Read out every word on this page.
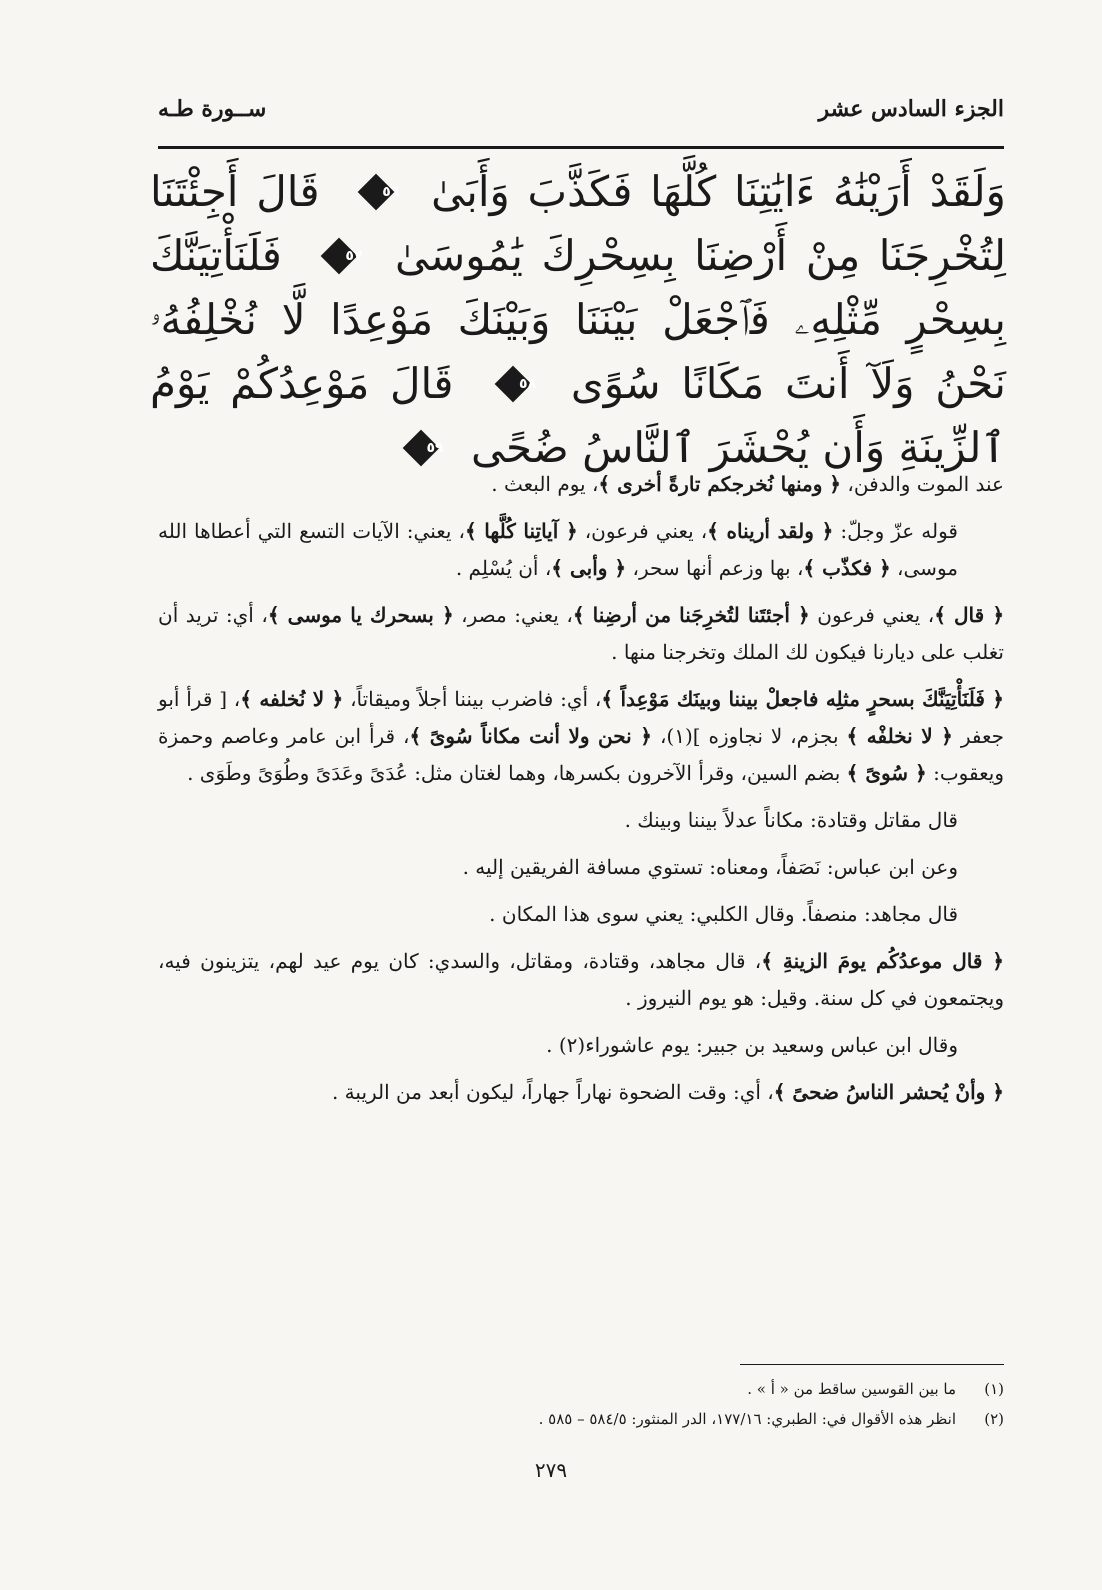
الجزء السادس عشر
ســورة طـه
وَلَقَدْ أَرَيْنَٰهُ ءَايَٰتِنَا كُلَّهَا فَكَذَّبَ وَأَبَىٰ
٥٦
قَالَ أَجِئْتَنَا لِتُخْرِجَنَا مِنْ أَرْضِنَا بِسِحْرِكَ يَٰمُوسَىٰ
٥٧
فَلَنَأْتِيَنَّكَ بِسِحْرٍ مِّثْلِهِۦ فَٱجْعَلْ بَيْنَنَا وَبَيْنَكَ مَوْعِدًا لَّا نُخْلِفُهُۥ نَحْنُ وَلَآ أَنتَ مَكَانًا سُوًى
٥٨
قَالَ مَوْعِدُكُمْ يَوْمُ ٱلزِّينَةِ وَأَن يُحْشَرَ ٱلنَّاسُ ضُحًى
٥٩

عند الموت والدفن، ﴿ ومنها نُخرجكم تارةً أخرى ﴾، يوم البعث .

قوله عزّ وجلّ: ﴿ ولقد أريناه ﴾، يعني فرعون، ﴿ آياتِنا كُلَّها ﴾، يعني: الآيات التسع التي أعطاها الله موسى، ﴿ فكذّب ﴾، بها وزعم أنها سحر، ﴿ وأبى ﴾، أن يُسْلِم .

﴿ قال ﴾، يعني فرعون ﴿ أجئتَنا لتُخرِجَنا من أرضِنا ﴾، يعني: مصر، ﴿ بسحرك يا موسى ﴾، أي: تريد أن تغلب على ديارنا فيكون لك الملك وتخرجنا منها .

﴿ فَلَنَأْتِيَنَّكَ بسحرٍ مثلِه فاجعلْ بيننا وبينَك مَوْعِداً ﴾، أي: فاضرب بيننا أجلاً وميقاتاً، ﴿ لا نُخلفه ﴾، [ قرأ أبو جعفر ﴿ لا نخلفْه ﴾ بجزم، لا نجاوزه ](١)، ﴿ نحن ولا أنت مكاناً سُوىً ﴾، قرأ ابن عامر وعاصم وحمزة ويعقوب: ﴿ سُوىً ﴾ بضم السين، وقرأ الآخرون بكسرها، وهما لغتان مثل: عُدَىً وعَدَىً وطُوَىً وطَوَى .

قال مقاتل وقتادة: مكاناً عدلاً بيننا وبينك .

وعن ابن عباس: نَصَفاً، ومعناه: تستوي مسافة الفريقين إليه .

قال مجاهد: منصفاً. وقال الكلبي: يعني سوى هذا المكان .

﴿ قال موعدُكُم يومَ الزينةِ ﴾، قال مجاهد، وقتادة، ومقاتل، والسدي: كان يوم عيد لهم، يتزينون فيه، ويجتمعون في كل سنة. وقيل: هو يوم النيروز .

وقال ابن عباس وسعيد بن جبير: يوم عاشوراء(٢) .

﴿ وأنْ يُحشر الناسُ ضحىً ﴾، أي: وقت الضحوة نهاراً جهاراً، ليكون أبعد من الريبة .

(١)
ما بين القوسين ساقط من « أ » .
(٢)
انظر هذه الأقوال في: الطبري: ١٧٧/١٦، الدر المنثور: ٥٨٤/٥ – ٥٨٥ .
٢٧٩
